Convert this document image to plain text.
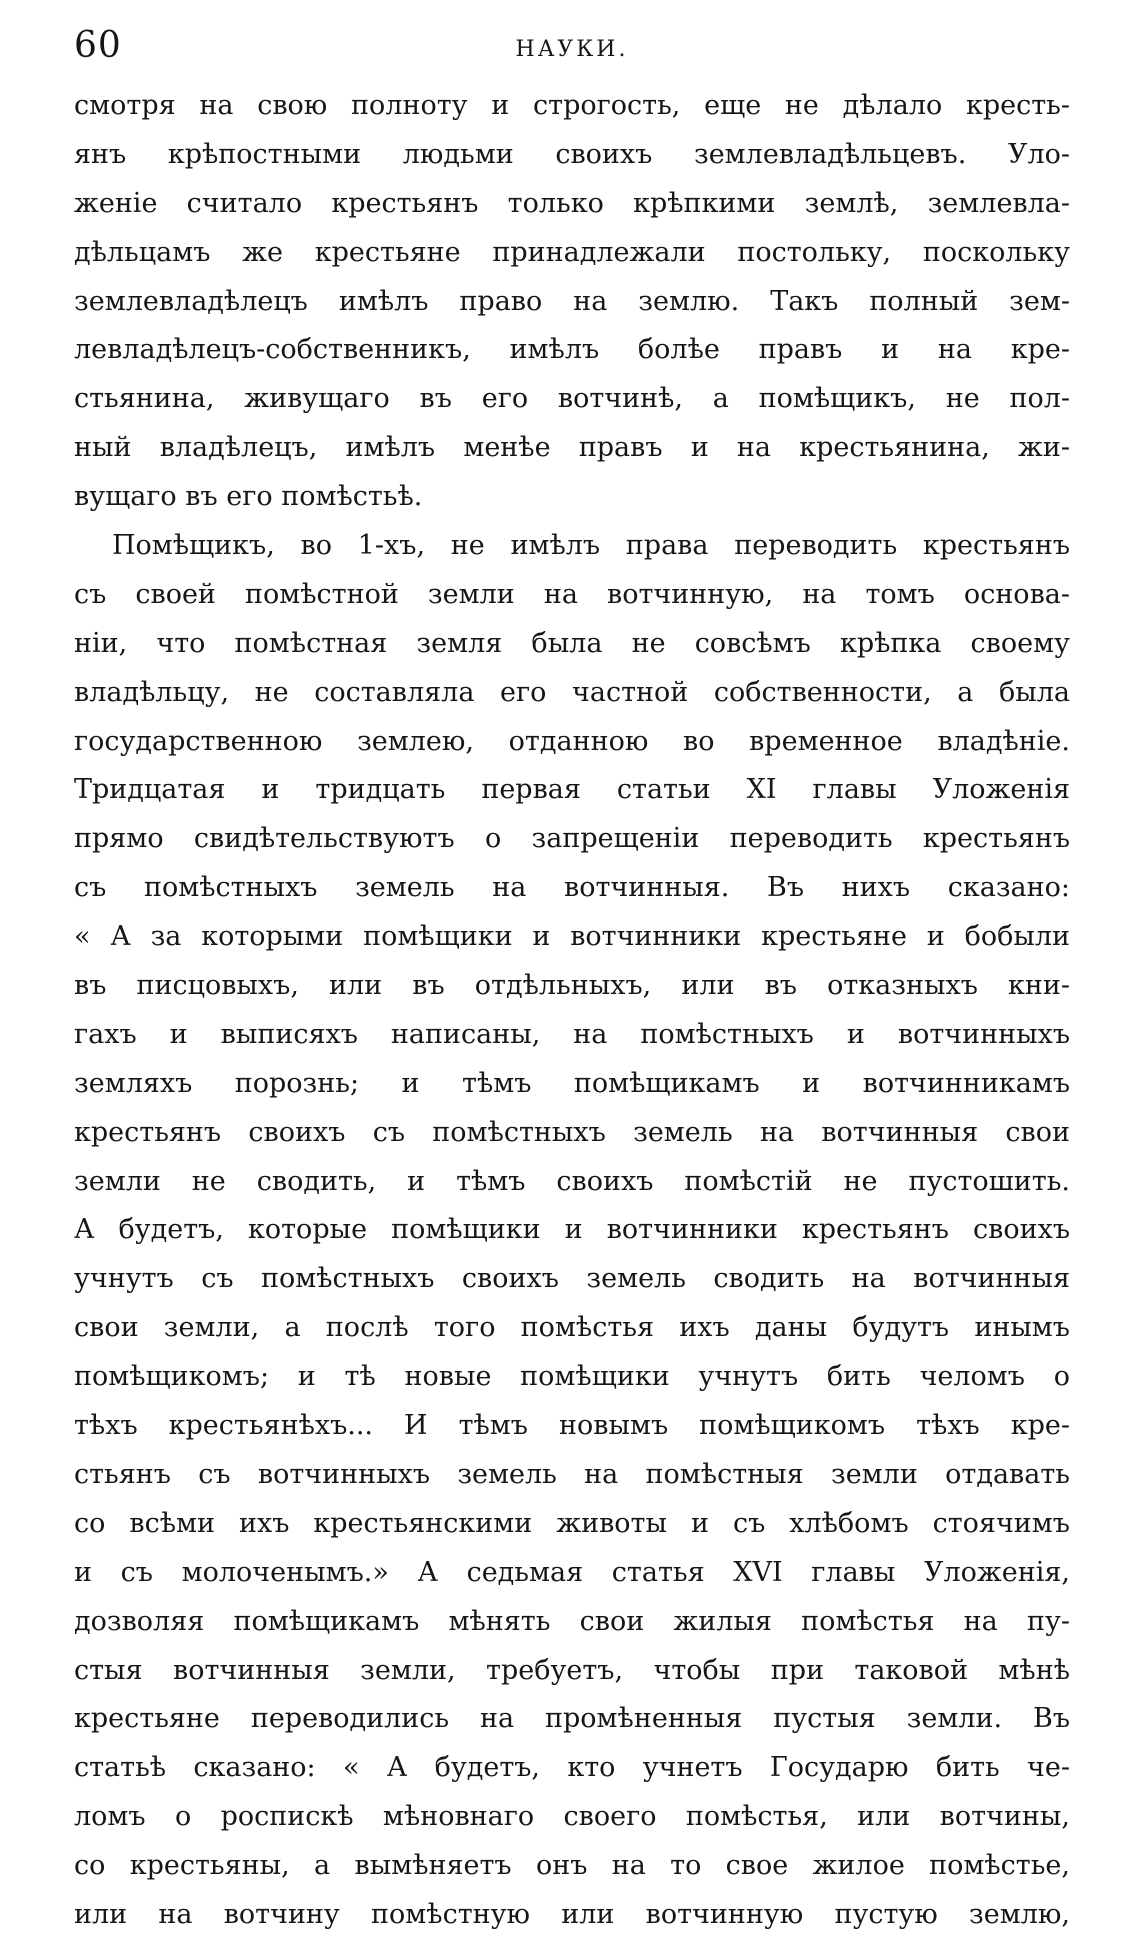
60	НАУКИ.
смотря на свою полноту и строгость, еще не дѣлало кресть-
янъ крѣпостными людьми своихъ землевладѣльцевъ. Уло-
женіе считало крестьянъ только крѣпкими землѣ, землевла-
дѣльцамъ же крестьяне принадлежали постольку, поскольку
землевладѣлецъ имѣлъ право на землю. Такъ полный зем-
левладѣлецъ-собственникъ, имѣлъ болѣе правъ и на кре-
стьянина, живущаго въ его вотчинѣ, а помѣщикъ, не пол-
ный владѣлецъ, имѣлъ менѣе правъ и на крестьянина, жи-
вущаго въ его помѣстьѣ.
Помѣщикъ, во 1-хъ, не имѣлъ права переводить крестьянъ
съ своей помѣстной земли на вотчинную, на томъ основа-
ніи, что помѣстная земля была не совсѣмъ крѣпка своему
владѣльцу, не составляла его частной собственности, а была
государственною землею, отданною во временное владѣніе.
Тридцатая и тридцать первая статьи XI главы Уложенія
прямо свидѣтельствуютъ о запрещеніи переводить крестьянъ
съ помѣстныхъ земель на вотчинныя. Въ нихъ сказано:
« А за которыми помѣщики и вотчинники крестьяне и бобыли
въ писцовыхъ, или въ отдѣльныхъ, или въ отказныхъ кни-
гахъ и выписяхъ написаны, на помѣстныхъ и вотчинныхъ
земляхъ порознь; и тѣмъ помѣщикамъ и вотчинникамъ
крестьянъ своихъ съ помѣстныхъ земель на вотчинныя свои
земли не сводить, и тѣмъ своихъ помѣстій не пустошить.
А будетъ, которые помѣщики и вотчинники крестьянъ своихъ
учнутъ съ помѣстныхъ своихъ земель сводить на вотчинныя
свои земли, а послѣ того помѣстья ихъ даны будутъ инымъ
помѣщикомъ; и тѣ новые помѣщики учнутъ бить челомъ о
тѣхъ крестьянѣхъ... И тѣмъ новымъ помѣщикомъ тѣхъ кре-
стьянъ съ вотчинныхъ земель на помѣстныя земли отдавать
со всѣми ихъ крестьянскими животы и съ хлѣбомъ стоячимъ
и съ молоченымъ.» А седьмая статья XVI главы Уложенія,
дозволяя помѣщикамъ мѣнять свои жилыя помѣстья на пу-
стыя вотчинныя земли, требуетъ, чтобы при таковой мѣнѣ
крестьяне переводились на промѣненныя пустыя земли. Въ
статьѣ сказано: « А будетъ, кто учнетъ Государю бить че-
ломъ о роспискѣ мѣновнаго своего помѣстья, или вотчины,
со крестьяны, а вымѣняетъ онъ на то свое жилое помѣстье,
или на вотчину помѣстную или вотчинную пустую землю,
